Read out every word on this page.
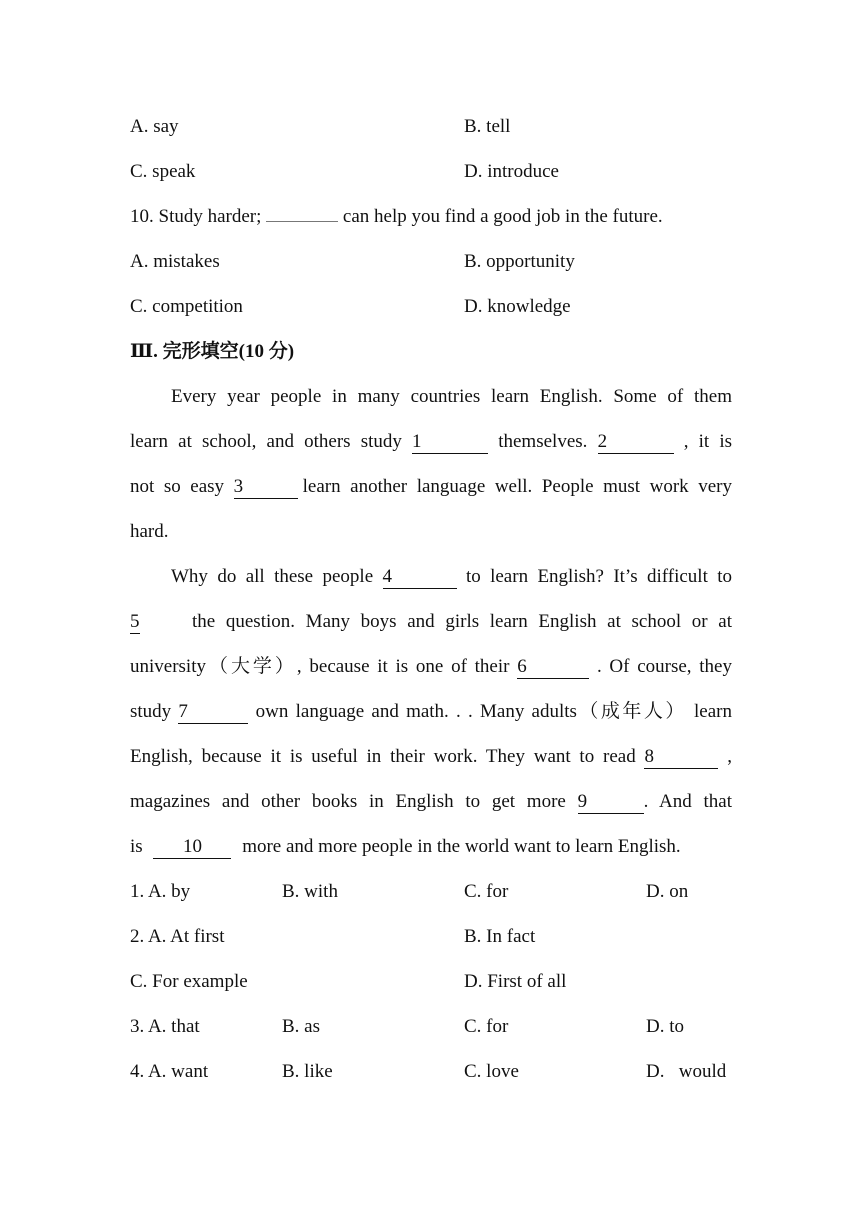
A. say	B. tell
C. speak	D. introduce
10. Study harder;	can help you find a good job in the future.
A. mistakes	B. opportunity
C. competition	D. knowledge
Ⅲ. 完形填空(10 分)
Every year people in many countries learn English. Some of them
learn at school, and others study 1	themselves. 2	, it is
not so easy 3	learn another language well. People must work very
hard.
Why do all these people 4	to learn English? It’s difficult to
5	the question. Many boys and girls learn English at school or at
university（大学）, because it is one of their 6	. Of course, they
study 7	own language and math. . . Many adults（成年人） learn
English, because it is useful in their work. They want to read 8	,
magazines and other books in English to get more 9	. And that
is 10 more and more people in the world want to learn English.
1. A. by	B. with	C. for	D. on
2. A. At first	B. In fact
C. For example	D. First of all
3. A. that	B. as	C. for	D. to
4. A. want	B. like	C. love	D.   would
